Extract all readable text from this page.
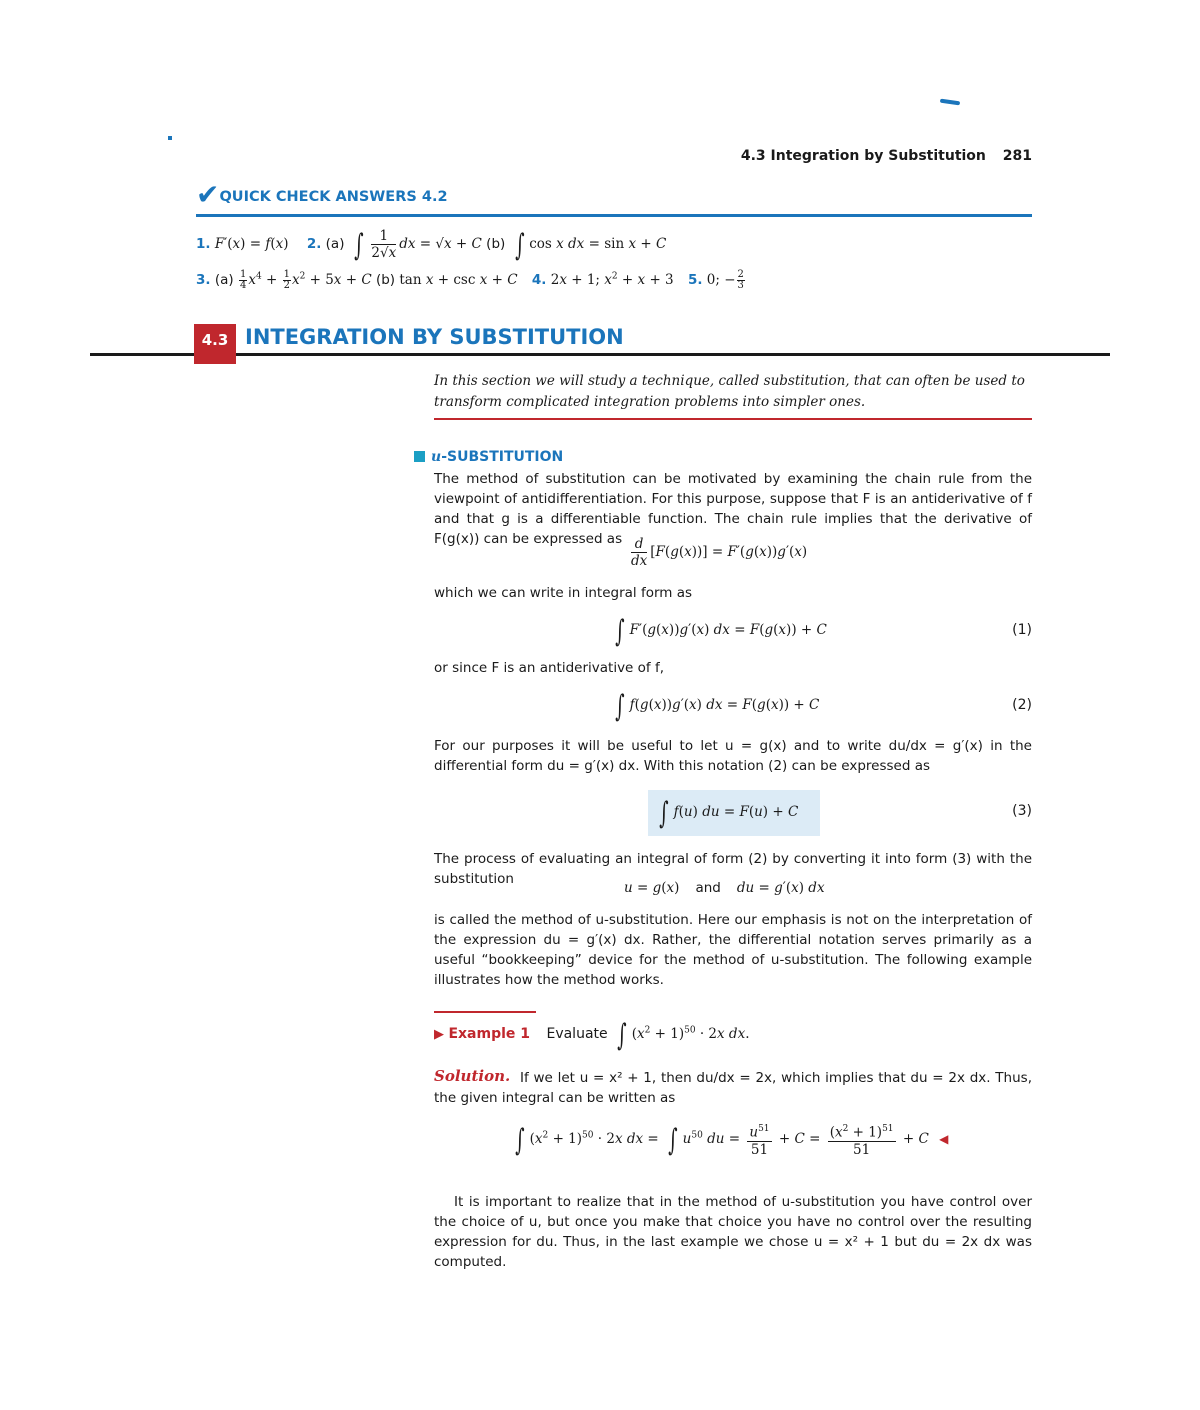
4.3 Integration by Substitution 281
✔QUICK CHECK ANSWERS 4.2
1. F′(x) = f(x) 2. (a) ∫ $\frac{1}{2√x}$ dx = √x + C (b) ∫ cos x dx = sin x + C
3. $(a) \frac{1}{4} x^4 + \frac{1}{2} x^2 + 5x + C$ (b) tan x + csc x + C 4. 2x + 1; $x^2 + x + 3$ 5. 0; − $\frac{2}{3}$
4.3 INTEGRATION BY SUBSTITUTION
In this section we will study a technique, called substitution, that can often be used to transform complicated integration problems into simpler ones.
u-SUBSTITUTION

The method of substitution can be motivated by examining the chain rule from the viewpoint of antidifferentiation. For this purpose, suppose that F is an antiderivative of f and that g is a differentiable function. The chain rule implies that the derivative of F(g(x)) can be expressed as $\frac{d}{dx} [F(g(x))] = F'(g(x))g'(x)$

which we can write in integral form as

∫ F′(g(x))g′(x) dx = F(g(x)) + C	(1)

or since F is an antiderivative of f,

∫ f(g(x))g′(x) dx = F(g(x)) + C	(2)

For our purposes it will be useful to let u = g(x) and to write du/dx = g′(x) in the differential form du = g′(x) dx. With this notation (2) can be expressed as

∫ f(u) du = F(u) + C	(3)

The process of evaluating an integral of form (2) by converting it into form (3) with the substitution

u = g(x) and du = g′(x) dx

is called the method of u-substitution. Here our emphasis is not on the interpretation of the expression du = g′(x) dx. Rather, the differential notation serves primarily as a useful “bookkeeping” device for the method of u-substitution. The following example illustrates how the method works.

▶ Example 1 Evaluate ∫ $(x^2 + 1)^{50} \cdot 2x$ dx.
Solution. If we let u = x² + 1, then du/dx = 2x, which implies that du = 2x dx. Thus, the given integral can be written as

∫ $(x^2 + 1)^{50} \cdot 2x$ dx = ∫ $u^{50}$ du = $\frac{u^{51}}{51} + C = \frac{(x^2 + 1)^{51}}{51} + C$ ◀

It is important to realize that in the method of u-substitution you have control over the choice of u, but once you make that choice you have no control over the resulting expression for du. Thus, in the last example we chose u = x² + 1 but du = 2x dx was computed.
